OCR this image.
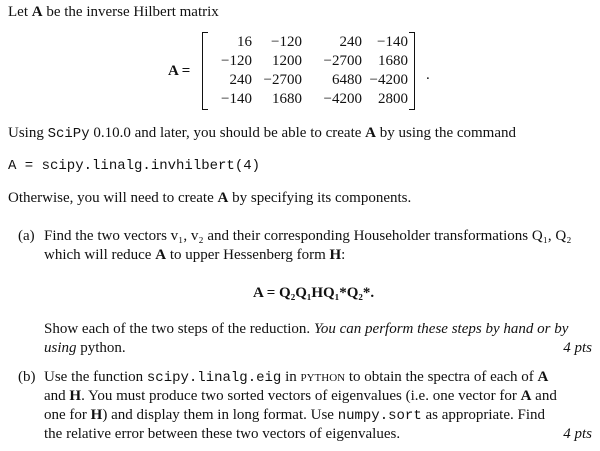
Let A be the inverse Hilbert matrix
A =
16	−120	240	−140
−120	1200	−2700	1680
240 −2700	6480 −4200
−140	1680	−4200	2800
.
Using SciPy 0.10.0 and later, you should be able to create A by using the command
A = scipy.linalg.invhilbert(4)
Otherwise, you will need to create A by specifying its components.
(a) Find the two vectors v₁, v₂ and their corresponding Householder transformations Q₁, Q₂
which will reduce A to upper Hessenberg form H:
A = Q₂Q₁HQ₁*Q₂*.
Show each of the two steps of the reduction. You can perform these steps by hand or by
using python.	4 pts
(b) Use the function scipy.linalg.eig in python to obtain the spectra of each of A
and H. You must produce two sorted vectors of eigenvalues (i.e. one vector for A and
one for H) and display them in long format. Use numpy.sort as appropriate. Find
the relative error between these two vectors of eigenvalues.	4 pts
